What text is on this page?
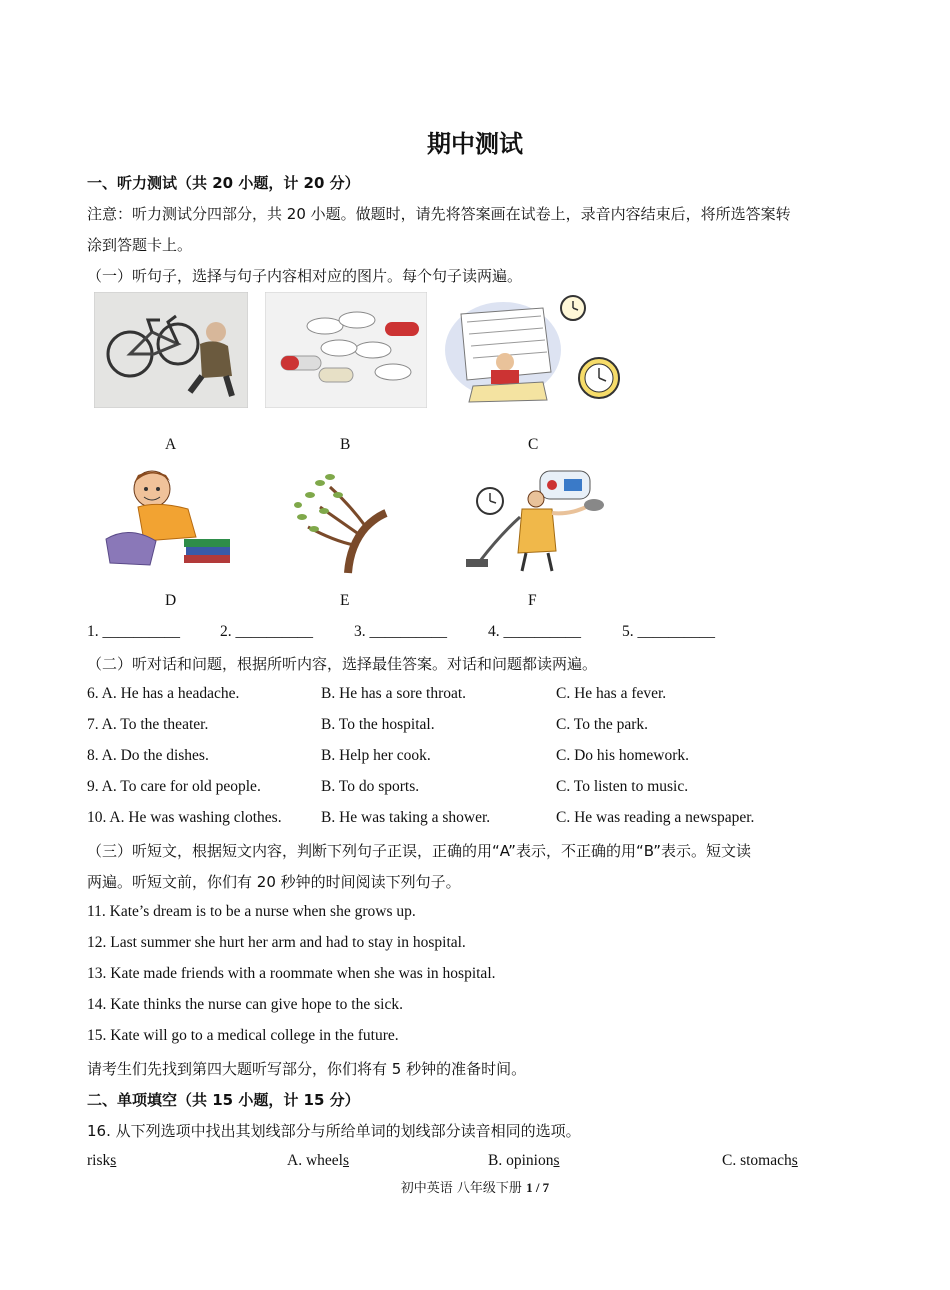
期中测试
一、听力测试（共 20 小题，计 20 分）
注意：听力测试分四部分，共 20 小题。做题时，请先将答案画在试卷上，录音内容结束后，将所选答案转
涂到答题卡上。
（一）听句子，选择与句子内容相对应的图片。每个句子读两遍。
A	B	C
D	E	F
1. __________	2. __________	3. __________	4. __________	5. __________
（二）听对话和问题，根据所听内容，选择最佳答案。对话和问题都读两遍。
6. A. He has a headache.	B. He has a sore throat.	C. He has a fever.
7. A. To the theater.	B. To the hospital.	C. To the park.
8. A. Do the dishes.	B. Help her cook.	C. Do his homework.
9. A. To care for old people.	B. To do sports.	C. To listen to music.
10. A. He was washing clothes.	B. He was taking a shower.	C. He was reading a newspaper.
（三）听短文，根据短文内容，判断下列句子正误，正确的用“A”表示，不正确的用“B”表示。短文读
两遍。听短文前，你们有 20 秒钟的时间阅读下列句子。
11. Kate’s dream is to be a nurse when she grows up.
12. Last summer she hurt her arm and had to stay in hospital.
13. Kate made friends with a roommate when she was in hospital.
14. Kate thinks the nurse can give hope to the sick.
15. Kate will go to a medical college in the future.
请考生们先找到第四大题听写部分，你们将有 5 秒钟的准备时间。
二、单项填空（共 15 小题，计 15 分）
16. 从下列选项中找出其划线部分与所给单词的划线部分读音相同的选项。
risks	A. wheels	B. opinions	C. stomachs
初中英语 八年级下册 1 / 7
